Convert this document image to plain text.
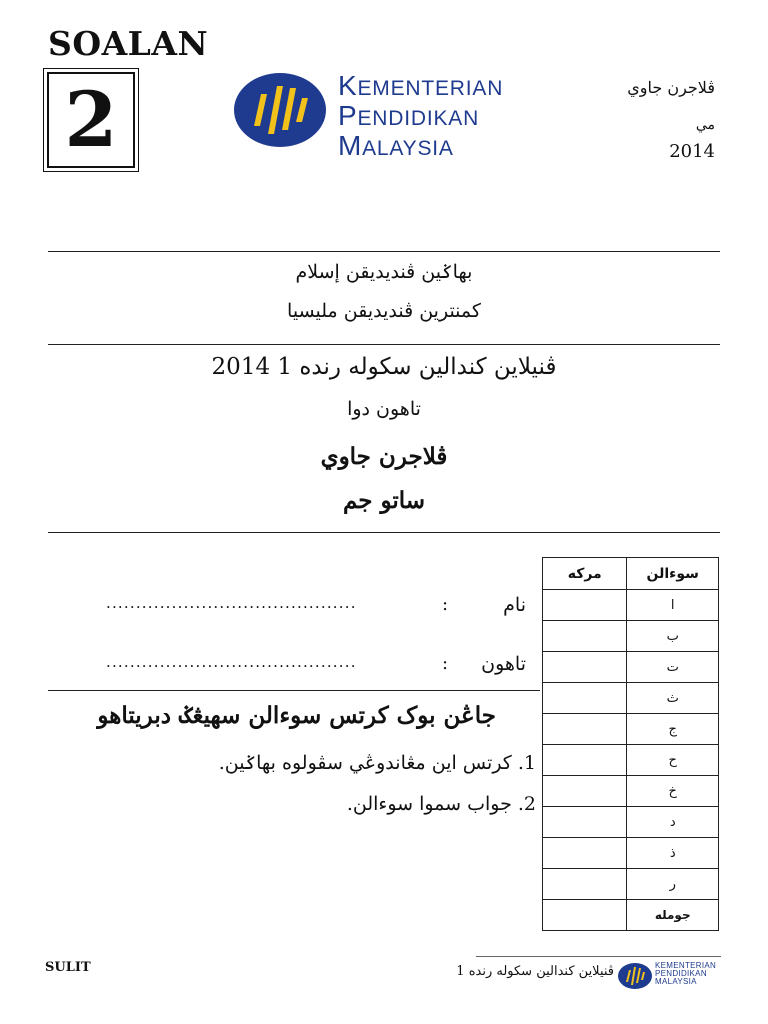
SOALAN
2	KEMENTERIAN
PENDIDIKAN
MALAYSIA
ڤلاجرن جاوي
مي
2014
بهاݢين ڤنديديقن إسلام
کمنترين ڤنديديقن مليسيا
ڤنيلاين كندالين سكوله رنده 1 2014
تاهون دوا
ڤلاجرن جاوي
ساتو جم
نام
:
..........................................
تاهون
:
..........................................
جاڠن بوک کرتس سوءالن سهيڠݢ دبريتاهو
1.کرتس اين مڠاندوڠي سڤولوه بهاݢين.
2.جواب سموا سوءالن.
مرکه	سوءالن
	ا
	ب
	ت
	ث
	ج
	ح
	خ
	د
	ذ
	ر
	جومله
SULIT	ڤنيلاين كندالين سكوله رنده 1	KEMENTERIAN
PENDIDIKAN
MALAYSIA
